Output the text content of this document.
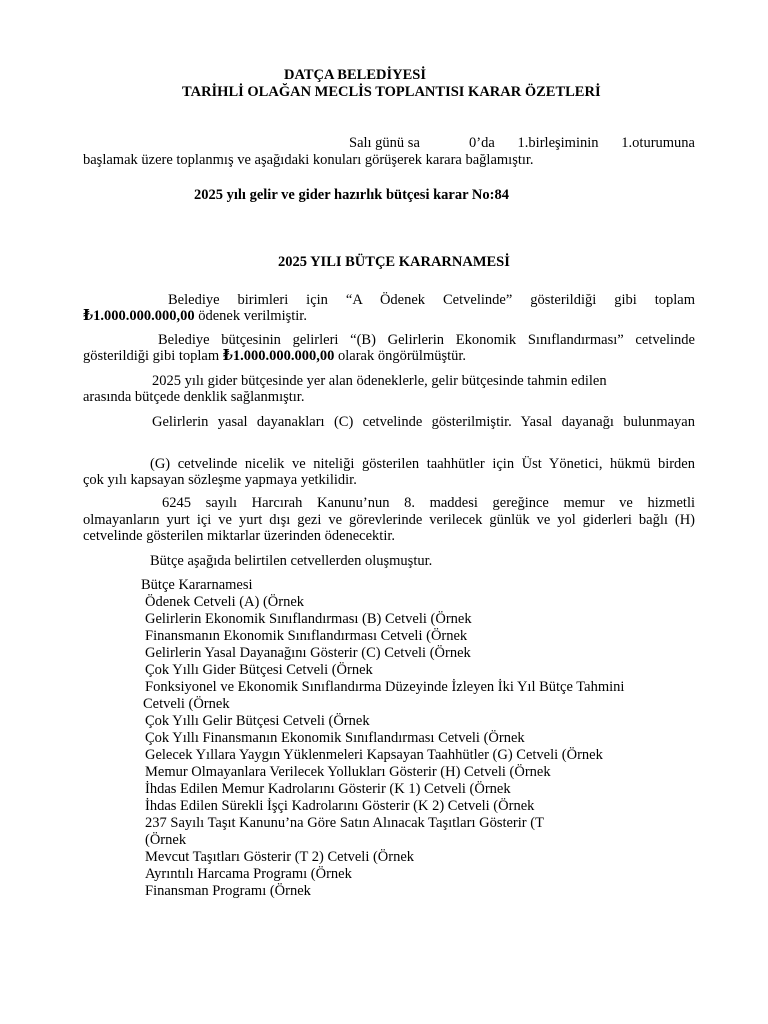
DATÇA BELEDİYESİ
TARİHLİ OLAĞAN MECLİS TOPLANTISI KARAR ÖZETLERİ
Salı günü sa	0’da 1.birleşiminin 1.oturumuna
başlamak üzere toplanmış ve aşağıdaki konuları görüşerek karara bağlamıştır.
2025 yılı gelir ve gider hazırlık bütçesi karar No:84
2025 YILI BÜTÇE KARARNAMESİ
Belediye birimleri için “A Ödenek Cetvelinde” gösterildiği gibi toplam
₺1.000.000.000,00 ödenek verilmiştir.
Belediye bütçesinin gelirleri “(B) Gelirlerin Ekonomik Sınıflandırması” cetvelinde
gösterildiği gibi toplam ₺1.000.000.000,00 olarak öngörülmüştür.
2025 yılı gider bütçesinde yer alan ödeneklerle, gelir bütçesinde tahmin edilen
arasında bütçede denklik sağlanmıştır.
Gelirlerin yasal dayanakları (C) cetvelinde gösterilmiştir. Yasal dayanağı bulunmayan
(G) cetvelinde nicelik ve niteliği gösterilen taahhütler için Üst Yönetici, hükmü birden
çok yılı kapsayan sözleşme yapmaya yetkilidir.
6245 sayılı Harcırah Kanunu’nun 8. maddesi gereğince memur ve hizmetli
olmayanların yurt içi ve yurt dışı gezi ve görevlerinde verilecek günlük ve yol giderleri bağlı (H)
cetvelinde gösterilen miktarlar üzerinden ödenecektir.
Bütçe aşağıda belirtilen cetvellerden oluşmuştur.
Bütçe Kararnamesi
Ödenek Cetveli (A) (Örnek
Gelirlerin Ekonomik Sınıflandırması (B) Cetveli (Örnek
Finansmanın Ekonomik Sınıflandırması Cetveli (Örnek
Gelirlerin Yasal Dayanağını Gösterir (C) Cetveli (Örnek
Çok Yıllı Gider Bütçesi Cetveli (Örnek
Fonksiyonel ve Ekonomik Sınıflandırma Düzeyinde İzleyen İki Yıl Bütçe Tahmini
Cetveli (Örnek
Çok Yıllı Gelir Bütçesi Cetveli (Örnek
Çok Yıllı Finansmanın Ekonomik Sınıflandırması Cetveli (Örnek
Gelecek Yıllara Yaygın Yüklenmeleri Kapsayan Taahhütler (G) Cetveli (Örnek
Memur Olmayanlara Verilecek Yollukları Gösterir (H) Cetveli (Örnek
İhdas Edilen Memur Kadrolarını Gösterir (K 1) Cetveli (Örnek
İhdas Edilen Sürekli İşçi Kadrolarını Gösterir (K 2) Cetveli (Örnek
237 Sayılı Taşıt Kanunu’na Göre Satın Alınacak Taşıtları Gösterir (T
(Örnek
Mevcut Taşıtları Gösterir (T 2) Cetveli (Örnek
Ayrıntılı Harcama Programı (Örnek
Finansman Programı (Örnek
